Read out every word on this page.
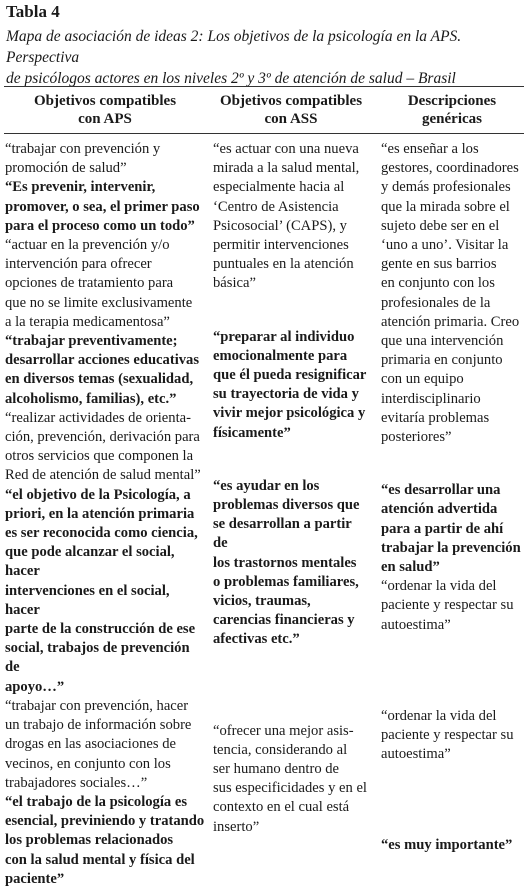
Tabla 4
Mapa de asociación de ideas 2: Los objetivos de la psicología en la APS. Perspectiva
de psicólogos actores en los niveles 2º y 3º de atención de salud – Brasil
Objetivos compatibles
con APS
Objetivos compatibles
con ASS
Descripciones
genéricas
“trabajar con prevención y
promoción de salud”
“Es prevenir, intervenir,
promover, o sea, el primer paso
para el proceso como un todo”
“actuar en la prevención y/o
intervención para ofrecer
opciones de tratamiento para
que no se limite exclusivamente
a la terapia medicamentosa”
“trabajar preventivamente;
desarrollar acciones educativas
en diversos temas (sexualidad,
alcoholismo, familias), etc.”
“realizar actividades de orienta-
ción, prevención, derivación para
otros servicios que componen la
Red de atención de salud mental”
“el objetivo de la Psicología, a
priori, en la atención primaria
es ser reconocida como ciencia,
que pode alcanzar el social, hacer
intervenciones en el social, hacer
parte de la construcción de ese
social, trabajos de prevención de
apoyo…”
“trabajar con prevención, hacer
un trabajo de información sobre
drogas en las asociaciones de
vecinos, en conjunto con los
trabajadores sociales…”
“el trabajo de la psicología es
esencial, previniendo y tratando
los problemas relacionados
con la salud mental y física del
paciente”
“es actuar con una nueva
mirada a la salud mental,
especialmente hacia al
‘Centro de Asistencia
Psicosocial’ (CAPS), y
permitir intervenciones
puntuales en la atención
básica”
“preparar al individuo
emocionalmente para
que él pueda resignificar
su trayectoria de vida y
vivir mejor psicológica y
físicamente”
“es ayudar en los
problemas diversos que
se desarrollan a partir de
los trastornos mentales
o problemas familiares,
vicios, traumas,
carencias financieras y
afectivas etc.”
“ofrecer una mejor asis-
tencia, considerando al
ser humano dentro de
sus especificidades y en el
contexto en el cual está
inserto”
“es enseñar a los
gestores, coordinadores
y demás profesionales
que la mirada sobre el
sujeto debe ser en el
‘uno a uno’. Visitar la
gente en sus barrios
en conjunto con los
profesionales de la
atención primaria. Creo
que una intervención
primaria en conjunto
con un equipo
interdisciplinario
evitaría problemas
posteriores”
“es desarrollar una
atención advertida
para a partir de ahí
trabajar la prevención
en salud”
“ordenar la vida del
paciente y respectar su
autoestima”
“ordenar la vida del
paciente y respectar su
autoestima”
“es muy importante”
